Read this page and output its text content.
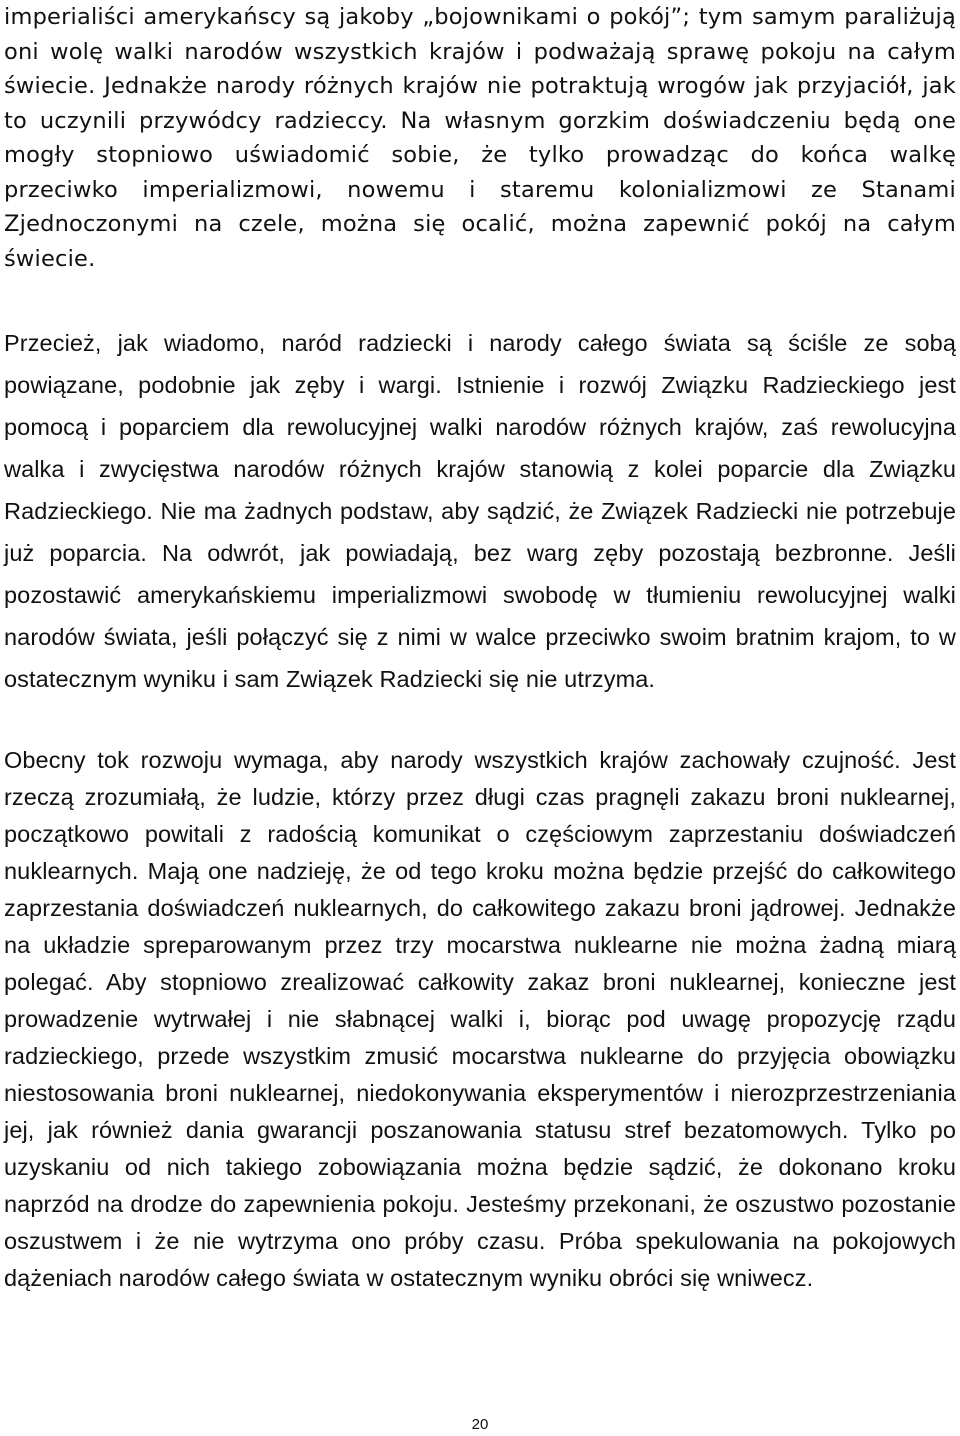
imperialiści amerykańscy są jakoby „bojownikami o pokój”; tym samym paraliżują oni wolę walki narodów wszystkich krajów i podważają sprawę pokoju na całym świecie. Jednakże narody różnych krajów nie potraktują wrogów jak przyjaciół, jak to uczynili przywódcy radzieccy. Na własnym gorzkim doświadczeniu będą one mogły stopniowo uświadomić sobie, że tylko prowadząc do końca walkę przeciwko imperializmowi, nowemu i staremu kolonializmowi ze Stanami Zjednoczonymi na czele, można się ocalić, można zapewnić pokój na całym świecie.

Przecież, jak wiadomo, naród radziecki i narody całego świata są ściśle ze sobą powiązane, podobnie jak zęby i wargi. Istnienie i rozwój Związku Radzieckiego jest pomocą i poparciem dla rewolucyjnej walki narodów różnych krajów, zaś rewolucyjna walka i zwycięstwa narodów różnych krajów stanowią z kolei poparcie dla Związku Radzieckiego. Nie ma żadnych podstaw, aby sądzić, że Związek Radziecki nie potrzebuje już poparcia. Na odwrót, jak powiadają, bez warg zęby pozostają bezbronne. Jeśli pozostawić amerykańskiemu imperializmowi swobodę w tłumieniu rewolucyjnej walki narodów świata, jeśli połączyć się z nimi w walce przeciwko swoim bratnim krajom, to w ostatecznym wyniku i sam Związek Radziecki się nie utrzyma.

Obecny tok rozwoju wymaga, aby narody wszystkich krajów zachowały czujność. Jest rzeczą zrozumiałą, że ludzie, którzy przez długi czas pragnęli zakazu broni nuklearnej, początkowo powitali z radością komunikat o częściowym zaprzestaniu doświadczeń nuklearnych. Mają one nadzieję, że od tego kroku można będzie przejść do całkowitego zaprzestania doświadczeń nuklearnych, do całkowitego zakazu broni jądrowej. Jednakże na układzie spreparowanym przez trzy mocarstwa nuklearne nie można żadną miarą polegać. Aby stopniowo zrealizować całkowity zakaz broni nuklearnej, konieczne jest prowadzenie wytrwałej i nie słabnącej walki i, biorąc pod uwagę propozycję rządu radzieckiego, przede wszystkim zmusić mocarstwa nuklearne do przyjęcia obowiązku niestosowania broni nuklearnej, niedokonywania eksperymentów i nierozprzestrzeniania jej, jak również dania gwarancji poszanowania statusu stref bezatomowych. Tylko po uzyskaniu od nich takiego zobowiązania można będzie sądzić, że dokonano kroku naprzód na drodze do zapewnienia pokoju. Jesteśmy przekonani, że oszustwo pozostanie oszustwem i że nie wytrzyma ono próby czasu. Próba spekulowania na pokojowych dążeniach narodów całego świata w ostatecznym wyniku obróci się wniwecz.

20
